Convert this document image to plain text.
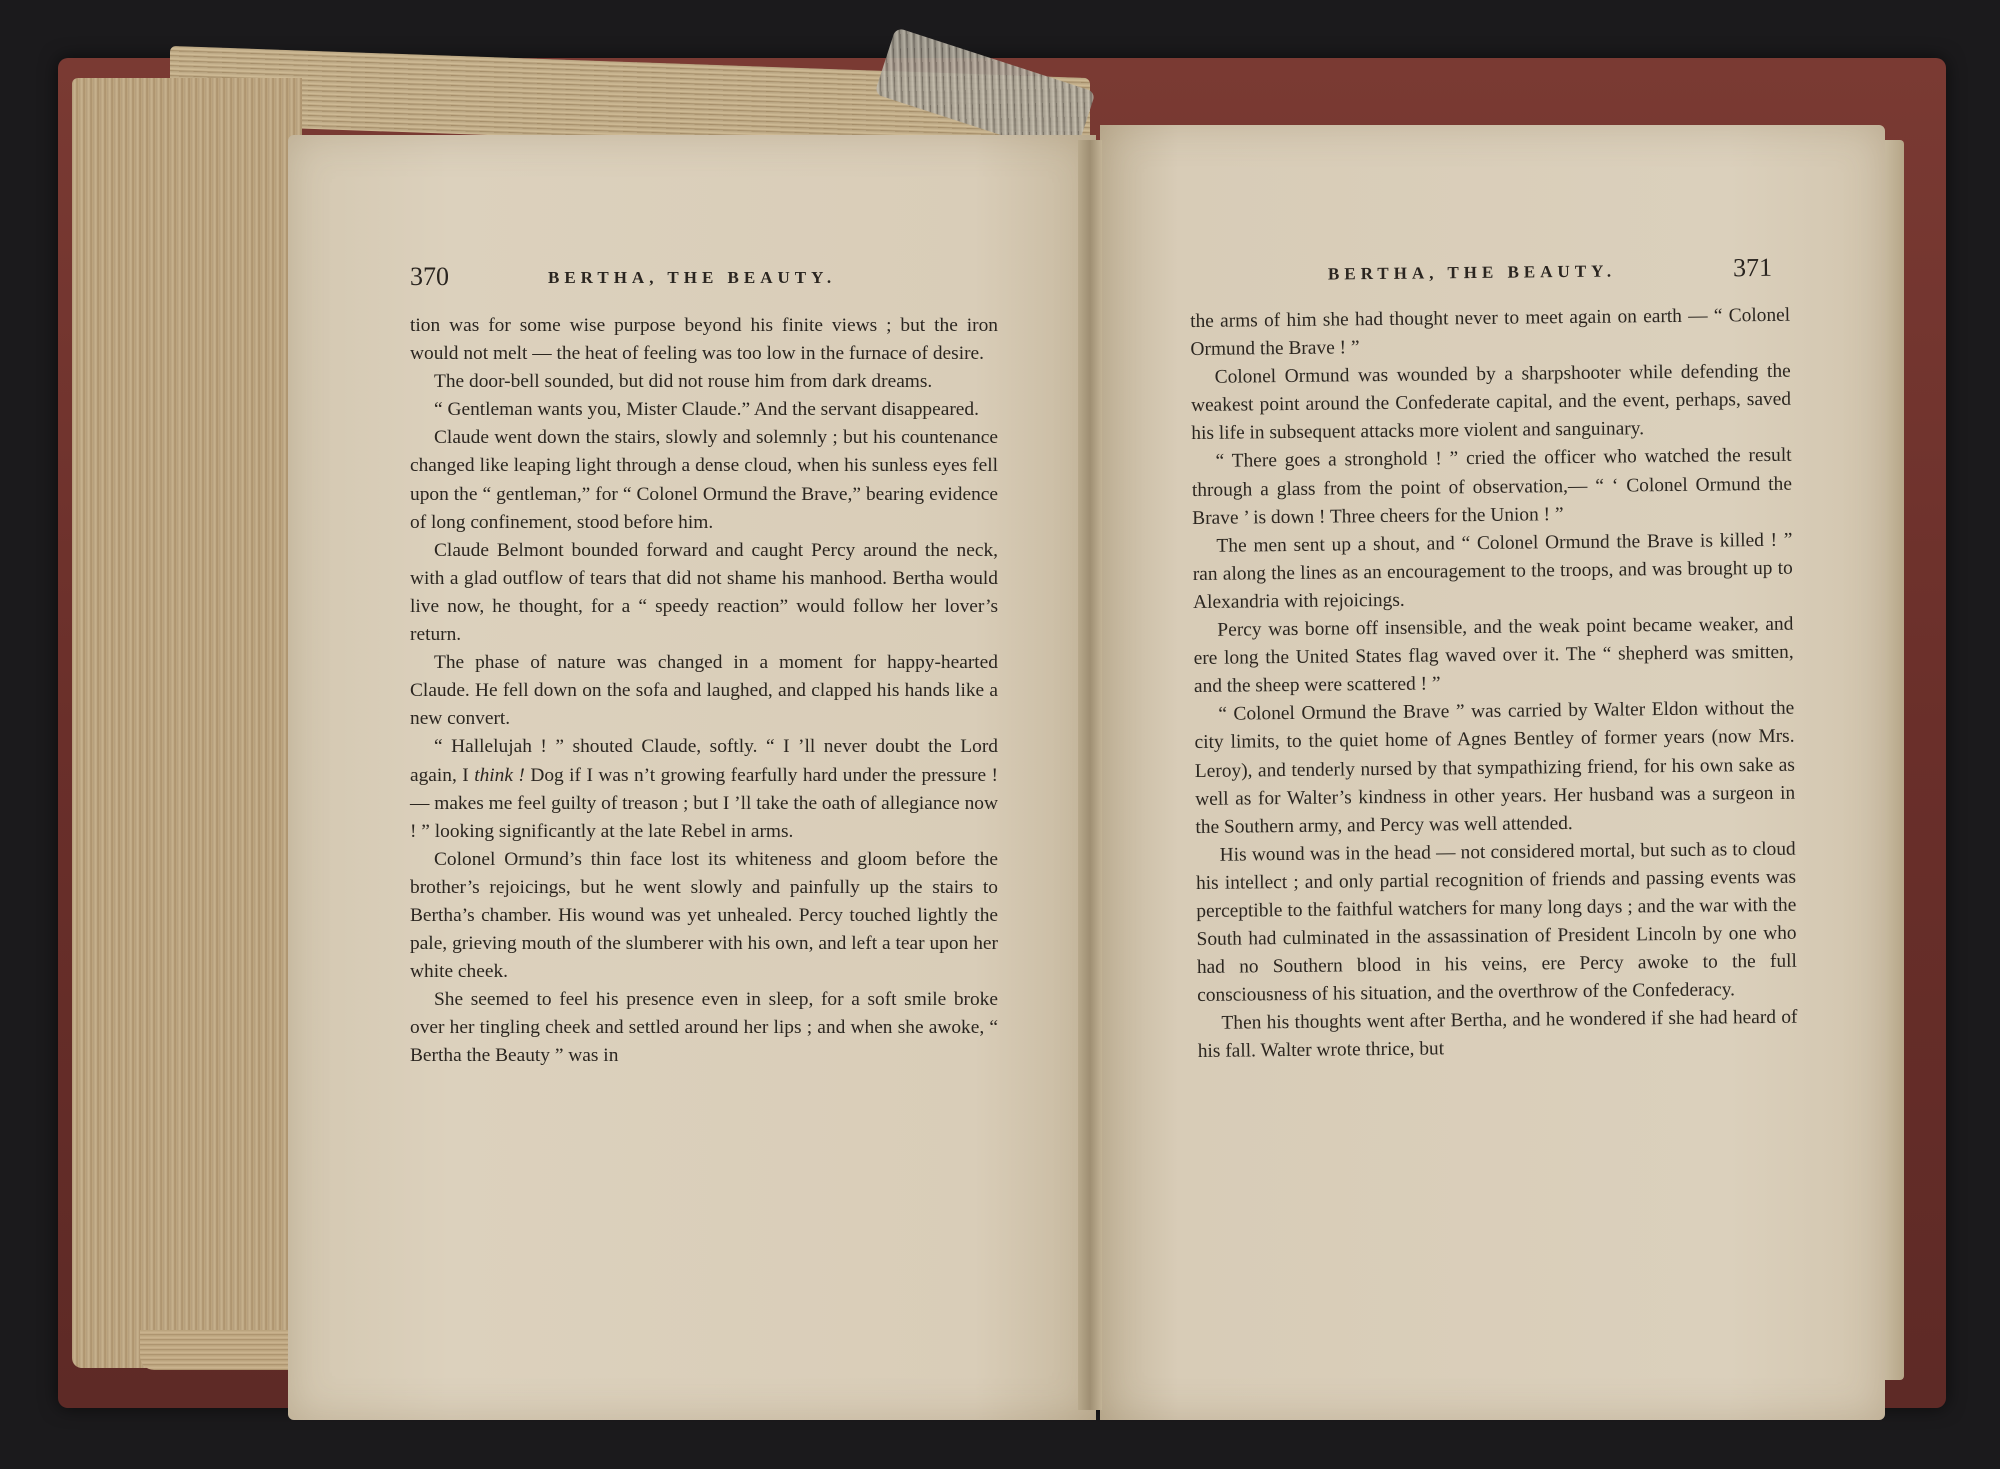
370	BERTHA, THE BEAUTY.	BERTHA, THE BEAUTY.	371

tion was for some wise purpose beyond his finite views ; but the iron would not melt — the heat of feeling was too low in the furnace of desire.

The door-bell sounded, but did not rouse him from dark dreams.

“ Gentleman wants you, Mister Claude.” And the servant disappeared.

Claude went down the stairs, slowly and solemnly ; but his countenance changed like leaping light through a dense cloud, when his sunless eyes fell upon the “ gentleman,” for “ Colonel Ormund the Brave,” bearing evidence of long confinement, stood before him.

Claude Belmont bounded forward and caught Percy around the neck, with a glad outflow of tears that did not shame his manhood. Bertha would live now, he thought, for a “ speedy reaction” would follow her lover’s return.

The phase of nature was changed in a moment for happy-hearted Claude. He fell down on the sofa and laughed, and clapped his hands like a new convert.

“ Hallelujah ! ” shouted Claude, softly. “ I ’ll never doubt the Lord again, I think ! Dog if I was n’t growing fearfully hard under the pressure ! — makes me feel guilty of treason ; but I ’ll take the oath of allegiance now ! ” looking significantly at the late Rebel in arms.

Colonel Ormund’s thin face lost its whiteness and gloom before the brother’s rejoicings, but he went slowly and painfully up the stairs to Bertha’s chamber. His wound was yet unhealed. Percy touched lightly the pale, grieving mouth of the slumberer with his own, and left a tear upon her white cheek.

She seemed to feel his presence even in sleep, for a soft smile broke over her tingling cheek and settled around her lips ; and when she awoke, “ Bertha the Beauty ” was in

the arms of him she had thought never to meet again on earth — “ Colonel Ormund the Brave ! ”

Colonel Ormund was wounded by a sharpshooter while defending the weakest point around the Confederate capital, and the event, perhaps, saved his life in subsequent attacks more violent and sanguinary.

“ There goes a stronghold ! ” cried the officer who watched the result through a glass from the point of observation,— “ ‘ Colonel Ormund the Brave ’ is down ! Three cheers for the Union ! ”

The men sent up a shout, and “ Colonel Ormund the Brave is killed ! ” ran along the lines as an encouragement to the troops, and was brought up to Alexandria with rejoicings.

Percy was borne off insensible, and the weak point became weaker, and ere long the United States flag waved over it. The “ shepherd was smitten, and the sheep were scattered ! ”

“ Colonel Ormund the Brave ” was carried by Walter Eldon without the city limits, to the quiet home of Agnes Bentley of former years (now Mrs. Leroy), and tenderly nursed by that sympathizing friend, for his own sake as well as for Walter’s kindness in other years. Her husband was a surgeon in the Southern army, and Percy was well attended.

His wound was in the head — not considered mortal, but such as to cloud his intellect ; and only partial recognition of friends and passing events was perceptible to the faithful watchers for many long days ; and the war with the South had culminated in the assassination of President Lincoln by one who had no Southern blood in his veins, ere Percy awoke to the full consciousness of his situation, and the overthrow of the Confederacy.

Then his thoughts went after Bertha, and he wondered if she had heard of his fall. Walter wrote thrice, but
